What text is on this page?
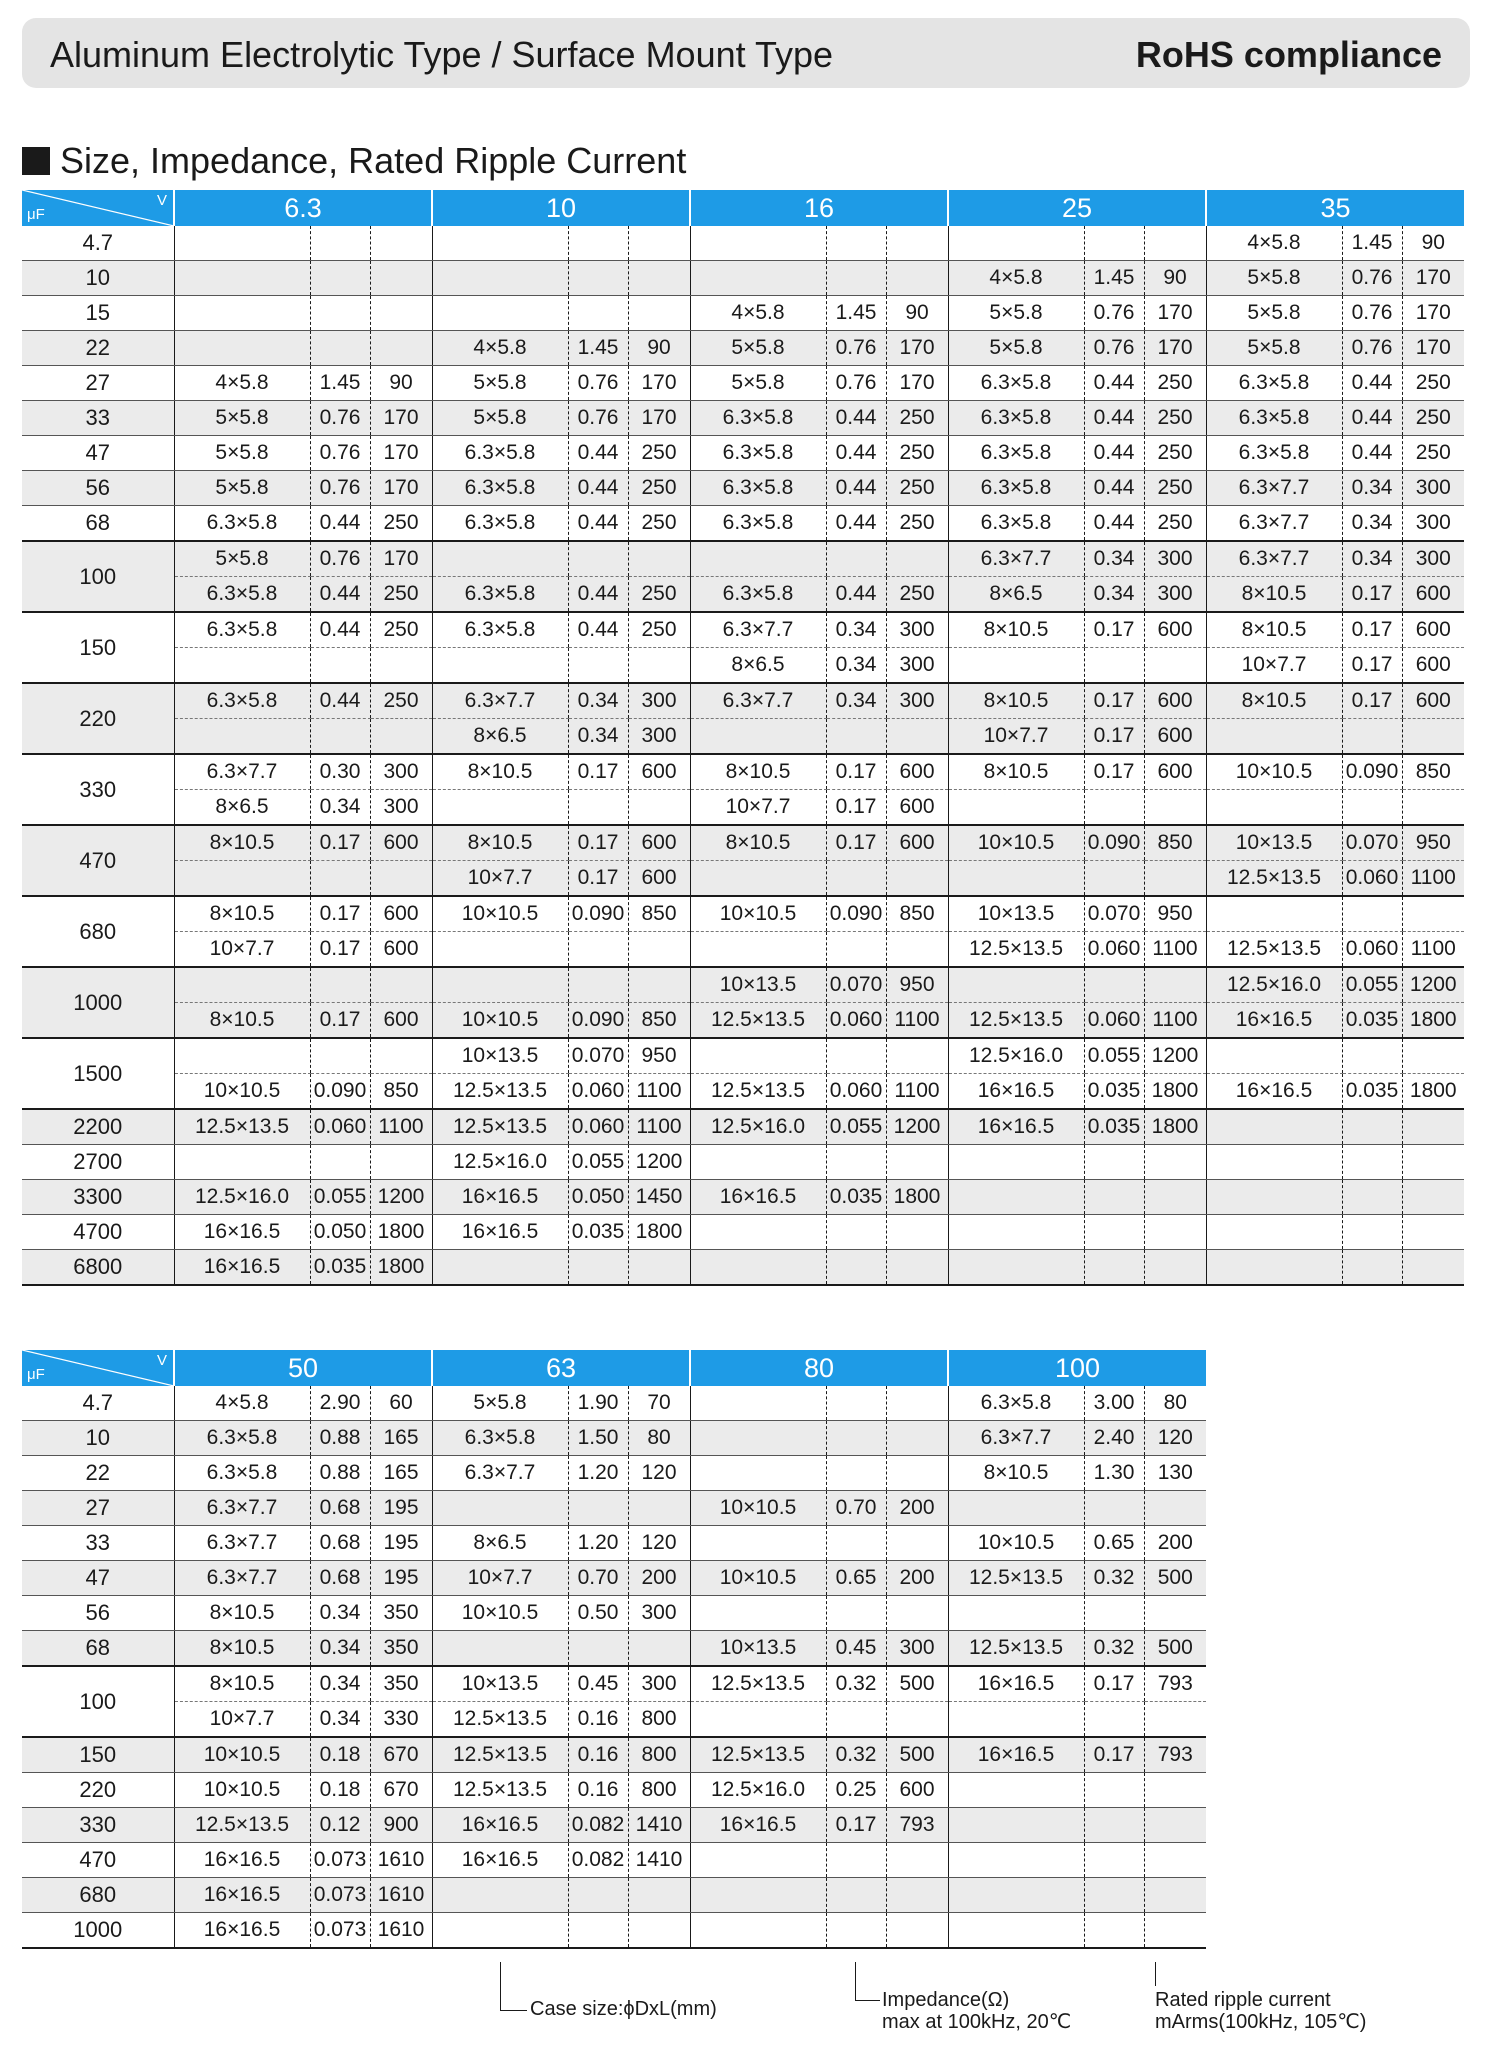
Aluminum Electrolytic Type / Surface Mount Type	RoHS compliance
Size, Impedance, Rated Ripple Current
μF
V	6.3			10			16			25			35		
4.7													4×5.8	1.45	90
10										4×5.8	1.45	90	5×5.8	0.76	170
15							4×5.8	1.45	90	5×5.8	0.76	170	5×5.8	0.76	170
22				4×5.8	1.45	90	5×5.8	0.76	170	5×5.8	0.76	170	5×5.8	0.76	170
27	4×5.8	1.45	90	5×5.8	0.76	170	5×5.8	0.76	170	6.3×5.8	0.44	250	6.3×5.8	0.44	250
33	5×5.8	0.76	170	5×5.8	0.76	170	6.3×5.8	0.44	250	6.3×5.8	0.44	250	6.3×5.8	0.44	250
47	5×5.8	0.76	170	6.3×5.8	0.44	250	6.3×5.8	0.44	250	6.3×5.8	0.44	250	6.3×5.8	0.44	250
56	5×5.8	0.76	170	6.3×5.8	0.44	250	6.3×5.8	0.44	250	6.3×5.8	0.44	250	6.3×7.7	0.34	300
68	6.3×5.8	0.44	250	6.3×5.8	0.44	250	6.3×5.8	0.44	250	6.3×5.8	0.44	250	6.3×7.7	0.34	300
100	5×5.8	0.76	170							6.3×7.7	0.34	300	6.3×7.7	0.34	300
	6.3×5.8	0.44	250	6.3×5.8	0.44	250	6.3×5.8	0.44	250	8×6.5	0.34	300	8×10.5	0.17	600
150	6.3×5.8	0.44	250	6.3×5.8	0.44	250	6.3×7.7	0.34	300	8×10.5	0.17	600	8×10.5	0.17	600
							8×6.5	0.34	300				10×7.7	0.17	600
220	6.3×5.8	0.44	250	6.3×7.7	0.34	300	6.3×7.7	0.34	300	8×10.5	0.17	600	8×10.5	0.17	600
				8×6.5	0.34	300				10×7.7	0.17	600			
330	6.3×7.7	0.30	300	8×10.5	0.17	600	8×10.5	0.17	600	8×10.5	0.17	600	10×10.5	0.090	850
	8×6.5	0.34	300				10×7.7	0.17	600						
470	8×10.5	0.17	600	8×10.5	0.17	600	8×10.5	0.17	600	10×10.5	0.090	850	10×13.5	0.070	950
				10×7.7	0.17	600							12.5×13.5	0.060	1100
680	8×10.5	0.17	600	10×10.5	0.090	850	10×10.5	0.090	850	10×13.5	0.070	950			
	10×7.7	0.17	600							12.5×13.5	0.060	1100	12.5×13.5	0.060	1100
1000							10×13.5	0.070	950				12.5×16.0	0.055	1200
	8×10.5	0.17	600	10×10.5	0.090	850	12.5×13.5	0.060	1100	12.5×13.5	0.060	1100	16×16.5	0.035	1800
1500				10×13.5	0.070	950				12.5×16.0	0.055	1200			
	10×10.5	0.090	850	12.5×13.5	0.060	1100	12.5×13.5	0.060	1100	16×16.5	0.035	1800	16×16.5	0.035	1800
2200	12.5×13.5	0.060	1100	12.5×13.5	0.060	1100	12.5×16.0	0.055	1200	16×16.5	0.035	1800			
2700				12.5×16.0	0.055	1200									
3300	12.5×16.0	0.055	1200	16×16.5	0.050	1450	16×16.5	0.035	1800						
4700	16×16.5	0.050	1800	16×16.5	0.035	1800									
6800	16×16.5	0.035	1800												
μF
V	50			63			80			100		
4.7	4×5.8	2.90	60	5×5.8	1.90	70				6.3×5.8	3.00	80
10	6.3×5.8	0.88	165	6.3×5.8	1.50	80				6.3×7.7	2.40	120
22	6.3×5.8	0.88	165	6.3×7.7	1.20	120				8×10.5	1.30	130
27	6.3×7.7	0.68	195				10×10.5	0.70	200			
33	6.3×7.7	0.68	195	8×6.5	1.20	120				10×10.5	0.65	200
47	6.3×7.7	0.68	195	10×7.7	0.70	200	10×10.5	0.65	200	12.5×13.5	0.32	500
56	8×10.5	0.34	350	10×10.5	0.50	300						
68	8×10.5	0.34	350				10×13.5	0.45	300	12.5×13.5	0.32	500
100	8×10.5	0.34	350	10×13.5	0.45	300	12.5×13.5	0.32	500	16×16.5	0.17	793
	10×7.7	0.34	330	12.5×13.5	0.16	800						
150	10×10.5	0.18	670	12.5×13.5	0.16	800	12.5×13.5	0.32	500	16×16.5	0.17	793
220	10×10.5	0.18	670	12.5×13.5	0.16	800	12.5×16.0	0.25	600			
330	12.5×13.5	0.12	900	16×16.5	0.082	1410	16×16.5	0.17	793			
470	16×16.5	0.073	1610	16×16.5	0.082	1410						
680	16×16.5	0.073	1610									
1000	16×16.5	0.073	1610									
Case size:ϕDxL(mm)	Impedance(Ω)
max at 100kHz, 20℃
Rated ripple current
mArms(100kHz, 105℃)
